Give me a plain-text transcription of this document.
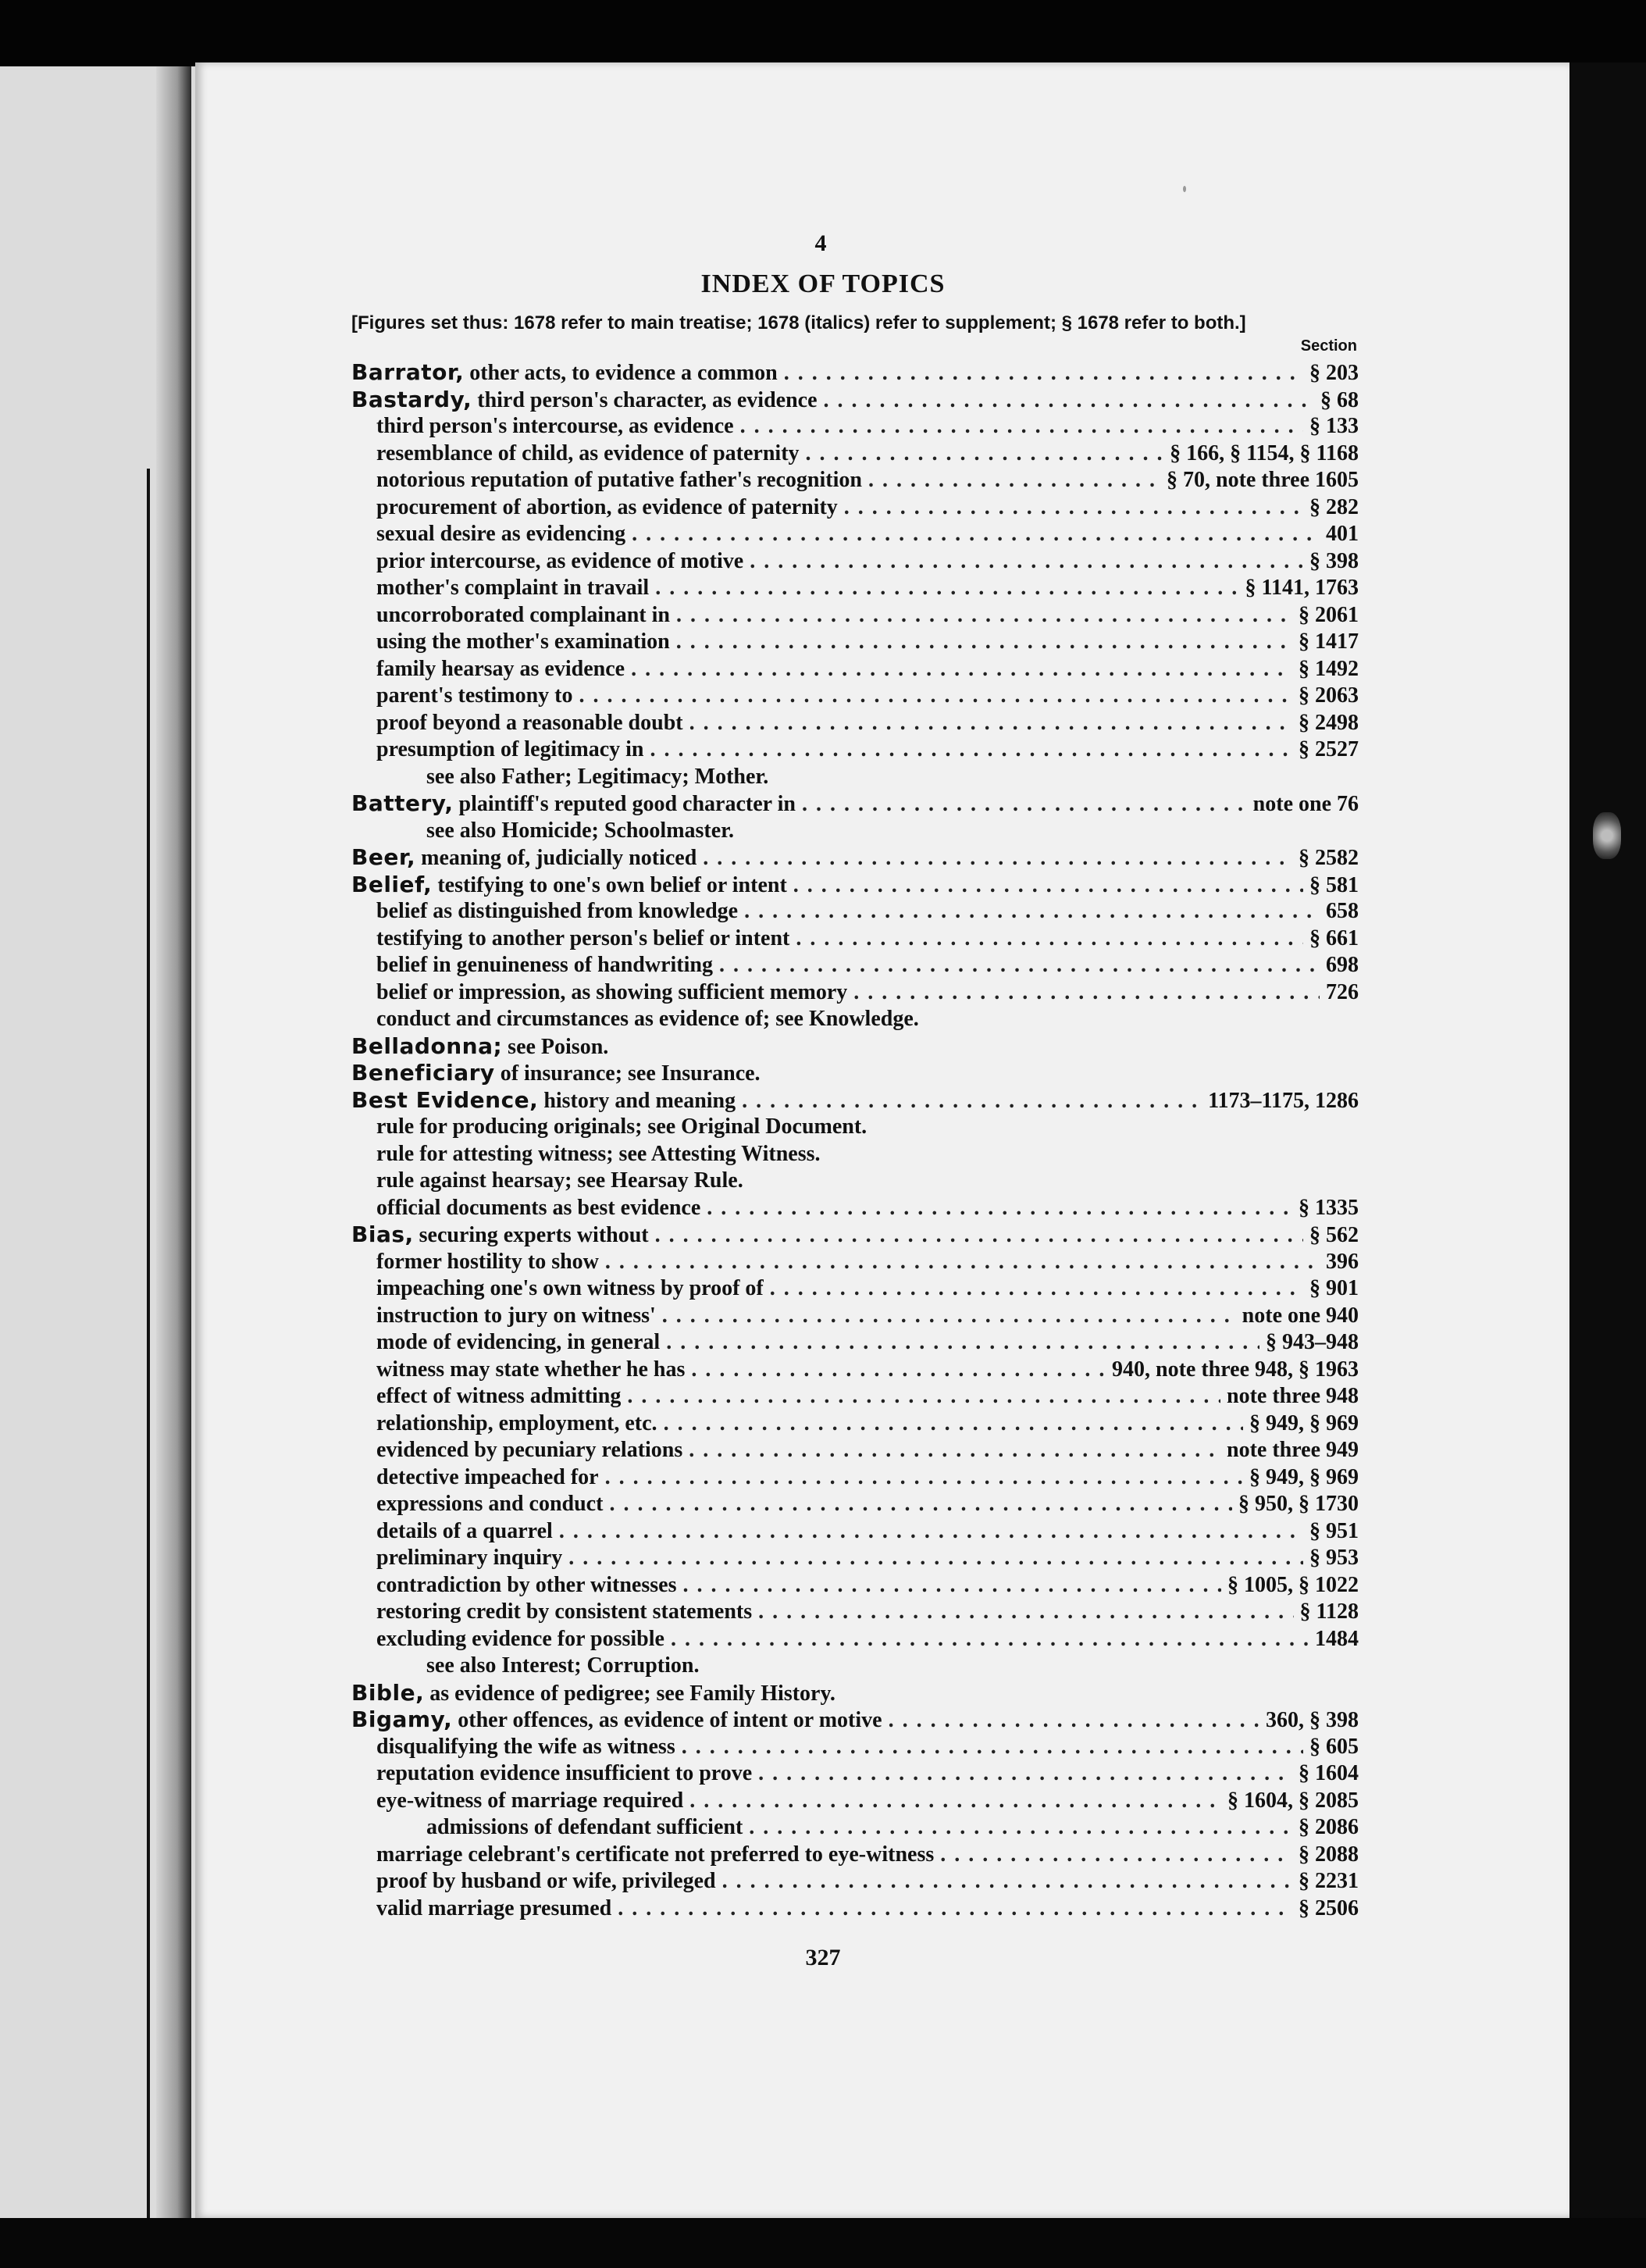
4
INDEX OF TOPICS
[Figures set thus: 1678 refer to main treatise; 1678 (italics) refer to supplement; § 1678 refer to both.]
Section
Barrator, other acts, to evidence a common . . .	§ 203
Bastardy, third person's character, as evidence . . .	§ 68
third person's intercourse, as evidence . . .	§ 133
resemblance of child, as evidence of paternity . . .	§ 166, § 1154, § 1168
notorious reputation of putative father's recognition . . .	§ 70, note three 1605
procurement of abortion, as evidence of paternity . . .	§ 282
sexual desire as evidencing . . .	401
prior intercourse, as evidence of motive . . .	§ 398
mother's complaint in travail . . .	§ 1141, 1763
uncorroborated complainant in . . .	§ 2061
using the mother's examination . . .	§ 1417
family hearsay as evidence . . .	§ 1492
parent's testimony to . . .	§ 2063
proof beyond a reasonable doubt . . .	§ 2498
presumption of legitimacy in . . .	§ 2527
see also Father; Legitimacy; Mother.
Battery, plaintiff's reputed good character in . . .	note one 76
see also Homicide; Schoolmaster.
Beer, meaning of, judicially noticed . . .	§ 2582
Belief, testifying to one's own belief or intent . . .	§ 581
belief as distinguished from knowledge . . .	658
testifying to another person's belief or intent . . .	§ 661
belief in genuineness of handwriting . . .	698
belief or impression, as showing sufficient memory . . .	726
conduct and circumstances as evidence of; see Knowledge.
Belladonna; see Poison.
Beneficiary of insurance; see Insurance.
Best Evidence, history and meaning . . .	1173–1175, 1286
rule for producing originals; see Original Document.
rule for attesting witness; see Attesting Witness.
rule against hearsay; see Hearsay Rule.
official documents as best evidence . . .	§ 1335
Bias, securing experts without . . .	§ 562
former hostility to show . . .	396
impeaching one's own witness by proof of . . .	§ 901
instruction to jury on witness' . . .	note one 940
mode of evidencing, in general . . .	§ 943–948
witness may state whether he has . . .	940, note three 948, § 1963
effect of witness admitting . . .	note three 948
relationship, employment, etc. . . .	§ 949, § 969
evidenced by pecuniary relations . . .	note three 949
detective impeached for . . .	§ 949, § 969
expressions and conduct . . .	§ 950, § 1730
details of a quarrel . . .	§ 951
preliminary inquiry . . .	§ 953
contradiction by other witnesses . . .	§ 1005, § 1022
restoring credit by consistent statements . . .	§ 1128
excluding evidence for possible . . .	1484
see also Interest; Corruption.
Bible, as evidence of pedigree; see Family History.
Bigamy, other offences, as evidence of intent or motive . . .	360, § 398
disqualifying the wife as witness . . .	§ 605
reputation evidence insufficient to prove . . .	§ 1604
eye-witness of marriage required . . .	§ 1604, § 2085
admissions of defendant sufficient . . .	§ 2086
marriage celebrant's certificate not preferred to eye-witness . . .	§ 2088
proof by husband or wife, privileged . . .	§ 2231
valid marriage presumed . . .	§ 2506
327
